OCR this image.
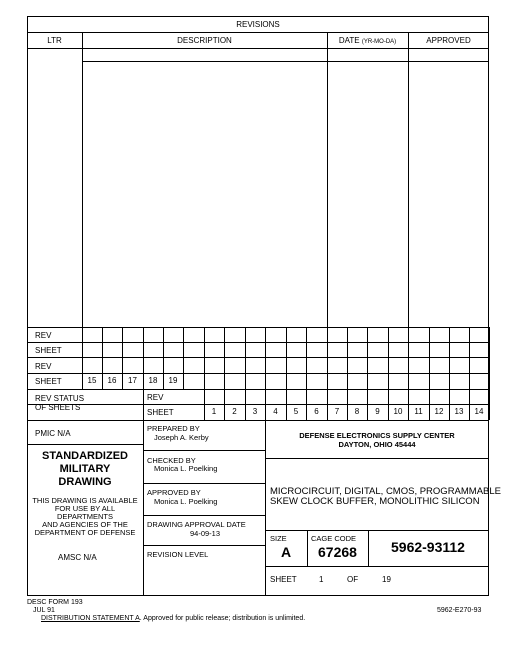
REVISIONS
LTR	DESCRIPTION	DATE (YR-MO-DA)	APPROVED
REV
SHEET
REV
SHEET	15	16	17	18	19
REV STATUS
OF SHEETS
REV
SHEET	1	2	3	4	5	6	7	8	9	10	11	12	13	14
PMIC N/A
STANDARDIZED
MILITARY
DRAWING
THIS DRAWING IS AVAILABLE
FOR USE BY ALL
DEPARTMENTS
AND AGENCIES OF THE
DEPARTMENT OF DEFENSE
AMSC N/A
PREPARED BY
Joseph A. Kerby
CHECKED BY
Monica L. Poelking
APPROVED BY
Monica L. Poelking
DRAWING APPROVAL DATE
94-09-13
REVISION LEVEL
DEFENSE ELECTRONICS SUPPLY CENTER
DAYTON, OHIO 45444
MICROCIRCUIT, DIGITAL, CMOS, PROGRAMMABLE
SKEW CLOCK BUFFER, MONOLITHIC SILICON
SIZE
A
CAGE CODE
67268 5962-93112
SHEET	1	OF	19
DESC FORM 193
JUL 91
DISTRIBUTION STATEMENT A. Approved for public release; distribution is unlimited.
5962-E270-93
